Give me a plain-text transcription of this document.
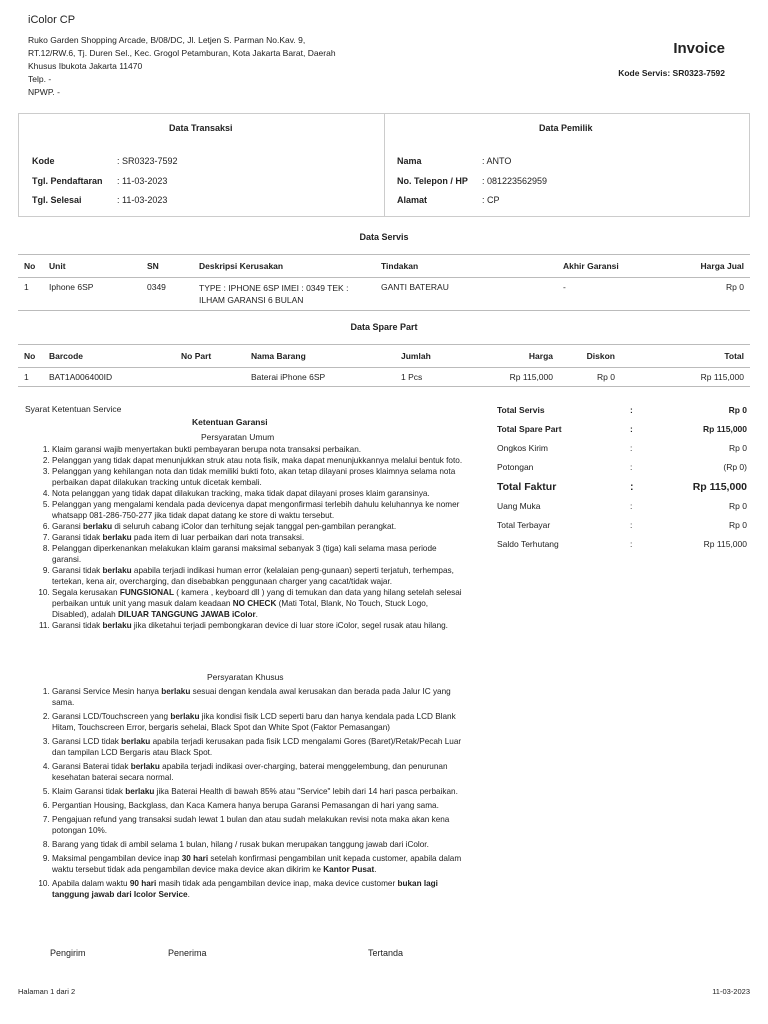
iColor CP
Ruko Garden Shopping Arcade, B/08/DC, Jl. Letjen S. Parman No.Kav. 9,
RT.12/RW.6, Tj. Duren Sel., Kec. Grogol Petamburan, Kota Jakarta Barat, Daerah
Khusus Ibukota Jakarta 11470
Telp. -
NPWP. -
Invoice
Kode Servis: SR0323-7592
Data Transaksi	Data Pemilik
Kode	: SR0323-7592
Tgl. Pendaftaran : 11-03-2023
Tgl. Selesai	: 11-03-2023
Nama	: ANTO
No. Telepon / HP : 081223562959
Alamat	: CP
Data Servis
No	Unit	SN	Deskripsi Kerusakan	Tindakan	Akhir Garansi	Harga Jual
1	Iphone 6SP	0349	TYPE : IPHONE 6SP IMEI : 0349 TEK : ILHAM GARANSI 6 BULAN	GANTI BATERAU	-	Rp 0
Data Spare Part
No	Barcode	No Part	Nama Barang	Jumlah	Harga	Diskon	Total
1	BAT1A006400ID		Baterai iPhone 6SP	1 Pcs	Rp 115,000	Rp 0	Rp 115,000
Syarat Ketentuan Service
Ketentuan Garansi
Persyaratan Umum
1. Klaim garansi wajib menyertakan bukti pembayaran berupa nota transaksi perbaikan.
2. Pelanggan yang tidak dapat menunjukkan struk atau nota fisik, maka dapat menunjukkannya melalui bentuk foto.
3. Pelanggan yang kehilangan nota dan tidak memiliki bukti foto, akan tetap dilayani proses klaimnya selama nota perbaikan dapat dilakukan tracking untuk dicetak kembali.
4. Nota pelanggan yang tidak dapat dilakukan tracking, maka tidak dapat dilayani proses klaim garansinya.
5. Pelanggan yang mengalami kendala pada devicenya dapat mengonfirmasi terlebih dahulu keluhannya ke nomer whatsapp 081-286-750-277 jika tidak dapat datang ke store di waktu tersebut.
6. Garansi berlaku di seluruh cabang iColor dan terhitung sejak tanggal pen-gambilan perangkat.
7. Garansi tidak berlaku pada item di luar perbaikan dari nota transaksi.
8. Pelanggan diperkenankan melakukan klaim garansi maksimal sebanyak 3 (tiga) kali selama masa periode garansi.
9. Garansi tidak berlaku apabila terjadi indikasi human error (kelalaian peng-gunaan) seperti terjatuh, terhempas, tertekan, kena air, overcharging, dan disebabkan penggunaan charger yang cacat/tidak wajar.
10. Segala kerusakan FUNGSIONAL ( kamera , keyboard dll ) yang di temukan dan data yang hilang setelah selesai perbaikan untuk unit yang masuk dalam keadaan NO CHECK (Mati Total, Blank, No Touch, Stuck Logo, Disabled), adalah DILUAR TANGGUNG JAWAB iColor.
11. Garansi tidak berlaku jika diketahui terjadi pembongkaran device di luar store iColor, segel rusak atau hilang.
Persyaratan Khusus
1. Garansi Service Mesin hanya berlaku sesuai dengan kendala awal kerusakan dan berada pada Jalur IC yang sama.
2. Garansi LCD/Touchscreen yang berlaku jika kondisi fisik LCD seperti baru dan hanya kendala pada LCD Blank Hitam, Touchscreen Error, bergaris sehelai, Black Spot dan White Spot (Faktor Pemasangan)
3. Garansi LCD tidak berlaku apabila terjadi kerusakan pada fisik LCD mengalami Gores (Baret)/Retak/Pecah Luar dan tampilan LCD Bergaris atau Black Spot.
4. Garansi Baterai tidak berlaku apabila terjadi indikasi over-charging, baterai menggelembung, dan penurunan kesehatan baterai secara normal.
5. Klaim Garansi tidak berlaku jika Baterai Health di bawah 85% atau "Service" lebih dari 14 hari pasca perbaikan.
6. Pergantian Housing, Backglass, dan Kaca Kamera hanya berupa Garansi Pemasangan di hari yang sama.
7. Pengajuan refund yang transaksi sudah lewat 1 bulan dan atau sudah melakukan revisi nota maka akan kena potongan 10%.
8. Barang yang tidak di ambil selama 1 bulan, hilang / rusak bukan merupakan tanggung jawab dari iColor.
9. Maksimal pengambilan device inap 30 hari setelah konfirmasi pengambilan unit kepada customer, apabila dalam waktu tersebut tidak ada pengambilan device maka device akan dikirim ke Kantor Pusat.
10. Apabila dalam waktu 90 hari masih tidak ada pengambilan device inap, maka device customer bukan lagi tanggung jawab dari Icolor Service.
Total Servis	:	Rp 0
Total Spare Part	:	Rp 115,000
Ongkos Kirim	:	Rp 0
Potongan	:	(Rp 0)
Total Faktur	:	Rp 115,000
Uang Muka	:	Rp 0
Total Terbayar	:	Rp 0
Saldo Terhutang	:	Rp 115,000
Pengirim	Penerima	Tertanda
Halaman 1 dari 2	11-03-2023
